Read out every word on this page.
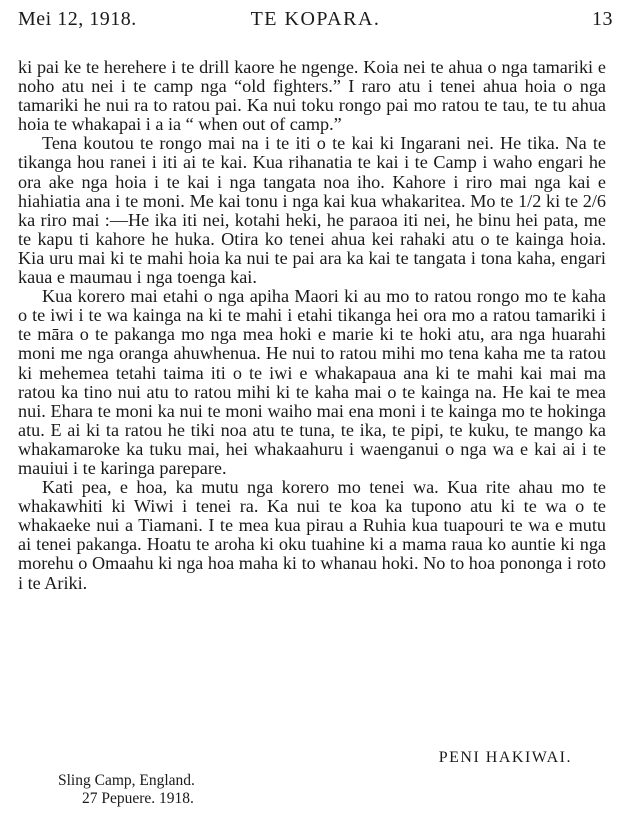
Mei 12, 1918.	TE KOPARA.	13

ki pai ke te herehere i te drill kaore he ngenge. Koia nei te ahua o nga tamariki e noho atu nei i te camp nga “old fighters.” I raro atu i tenei ahua hoia o nga tamariki he nui ra to ratou pai. Ka nui toku rongo pai mo ratou te tau, te tu ahua hoia te whakapai i a ia “ when out of camp.”

Tena koutou te rongo mai na i te iti o te kai ki Ingarani nei. He tika. Na te tikanga hou ranei i iti ai te kai. Kua rihanatia te kai i te Camp i waho engari he ora ake nga hoia i te kai i nga tangata noa iho. Kahore i riro mai nga kai e hiahiatia ana i te moni. Me kai tonu i nga kai kua whakaritea. Mo te 1/2 ki te 2/6 ka riro mai :—He ika iti nei, kotahi heki, he paraoa iti nei, he binu hei pata, me te kapu ti kahore he huka. Otira ko tenei ahua kei rahaki atu o te kainga hoia. Kia uru mai ki te mahi hoia ka nui te pai ara ka kai te tangata i tona kaha, engari kaua e maumau i nga toenga kai.

Kua korero mai etahi o nga apiha Maori ki au mo to ratou rongo mo te kaha o te iwi i te wa kainga na ki te mahi i etahi tikanga hei ora mo a ratou tamariki i te māra o te pakanga mo nga mea hoki e marie ki te hoki atu, ara nga huarahi moni me nga oranga ahuwhenua. He nui to ratou mihi mo tena kaha me ta ratou ki mehemea tetahi taima iti o te iwi e whakapaua ana ki te mahi kai mai ma ratou ka tino nui atu to ratou mihi ki te kaha mai o te kainga na. He kai te mea nui. Ehara te moni ka nui te moni waiho mai ena moni i te kainga mo te hokinga atu. E ai ki ta ratou he tiki noa atu te tuna, te ika, te pipi, te kuku, te mango ka whakamaroke ka tuku mai, hei whakaahuru i waenganui o nga wa e kai ai i te mauiui i te karinga parepare.

Kati pea, e hoa, ka mutu nga korero mo tenei wa. Kua rite ahau mo te whakawhiti ki Wiwi i tenei ra. Ka nui te koa ka tupono atu ki te wa o te whakaeke nui a Tiamani. I te mea kua pirau a Ruhia kua tuapouri te wa e mutu ai tenei pakanga. Hoatu te aroha ki oku tuahine ki a mama raua ko auntie ki nga morehu o Omaahu ki nga hoa maha ki to whanau hoki. No to hoa pononga i roto i te Ariki.

PENI HAKIWAI.
Sling Camp, England.
27 Pepuere. 1918.
